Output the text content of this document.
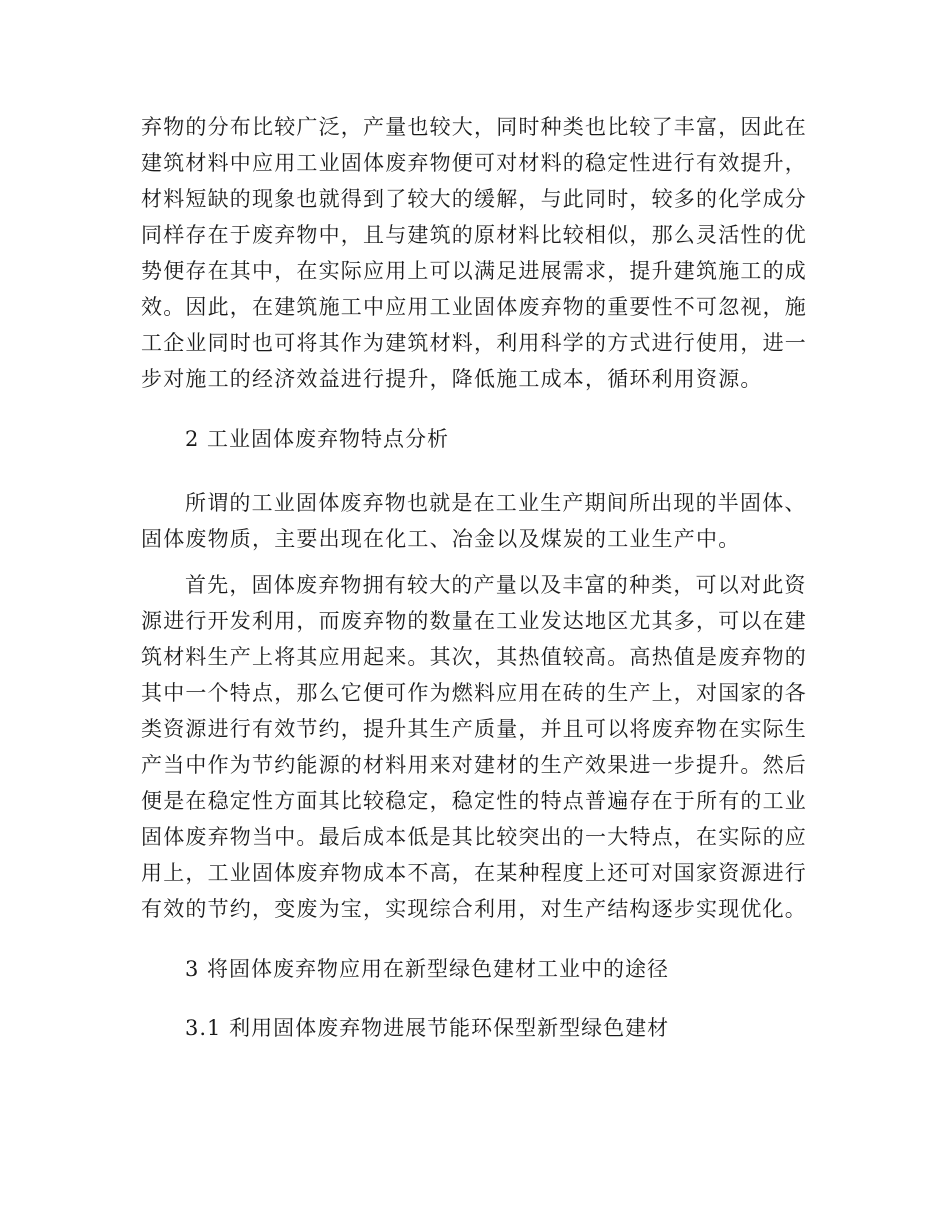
弃物的分布比较广泛，产量也较大，同时种类也比较了丰富，因此在
建筑材料中应用工业固体废弃物便可对材料的稳定性进行有效提升，
材料短缺的现象也就得到了较大的缓解，与此同时，较多的化学成分
同样存在于废弃物中，且与建筑的原材料比较相似，那么灵活性的优
势便存在其中，在实际应用上可以满足进展需求，提升建筑施工的成
效。因此，在建筑施工中应用工业固体废弃物的重要性不可忽视，施
工企业同时也可将其作为建筑材料，利用科学的方式进行使用，进一
步对施工的经济效益进行提升，降低施工成本，循环利用资源。

2 工业固体废弃物特点分析

所谓的工业固体废弃物也就是在工业生产期间所出现的半固体、
固体废物质，主要出现在化工、冶金以及煤炭的工业生产中。
首先，固体废弃物拥有较大的产量以及丰富的种类，可以对此资
源进行开发利用，而废弃物的数量在工业发达地区尤其多，可以在建
筑材料生产上将其应用起来。其次，其热值较高。高热值是废弃物的
其中一个特点，那么它便可作为燃料应用在砖的生产上，对国家的各
类资源进行有效节约，提升其生产质量，并且可以将废弃物在实际生
产当中作为节约能源的材料用来对建材的生产效果进一步提升。然后
便是在稳定性方面其比较稳定，稳定性的特点普遍存在于所有的工业
固体废弃物当中。最后成本低是其比较突出的一大特点，在实际的应
用上，工业固体废弃物成本不高，在某种程度上还可对国家资源进行
有效的节约，变废为宝，实现综合利用，对生产结构逐步实现优化。

3 将固体废弃物应用在新型绿色建材工业中的途径

3.1 利用固体废弃物进展节能环保型新型绿色建材
